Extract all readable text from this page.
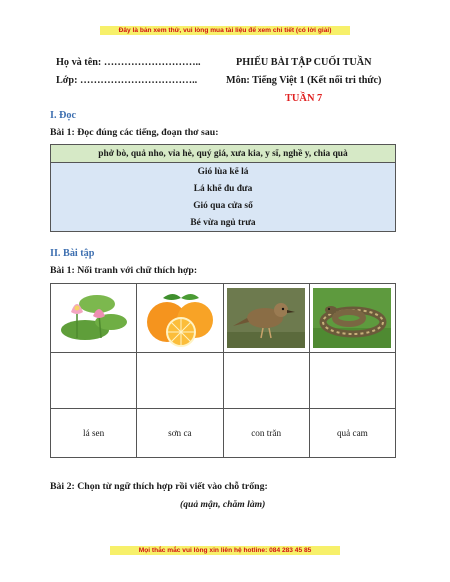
Đây là bản xem thử, vui lòng mua tài liệu để xem chi tiết (có lời giải)
Họ và tên: ………………………..	PHIẾU BÀI TẬP CUỐI TUẦN
Lớp: ……………………………..	Môn: Tiếng Việt 1 (Kết nối tri thức)
TUẦN 7
I. Đọc
Bài 1: Đọc đúng các tiếng, đoạn thơ sau:
phở bò, quả nho, vỉa hè, quý giá, xưa kia, y sĩ, nghề y, chia quà
Gió lùa kẽ lá
Lá khẽ đu đưa
Gió qua cửa sổ
Bé vừa ngủ trưa
II. Bài tập
Bài 1: Nối tranh với chữ thích hợp:

lá sen	sơn ca	con trăn	quả cam
Bài 2: Chọn từ ngữ thích hợp rồi viết vào chỗ trống:
(quả mận, chăm làm)
Mọi thắc mắc vui lòng xin liên hệ hotline: 084 283 45 85
